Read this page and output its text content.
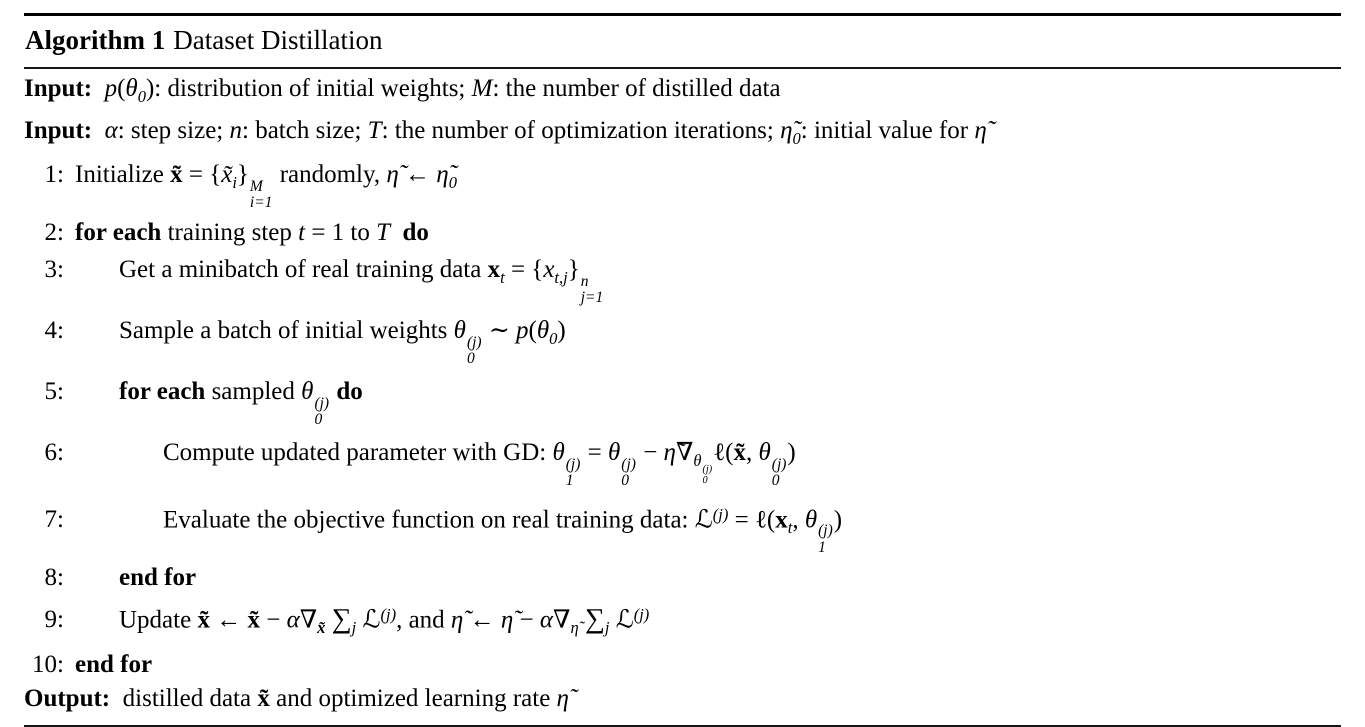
Algorithm 1 Dataset Distillation
Input: $p(\theta_0)$: distribution of initial weights; M: the number of distilled data
Input: α: step size; n: batch size; T: the number of optimization iterations; $\etã_0$: initial value for η̃
1: Initialize x̃ = $\{x̃_i\}$ M
i=1
randomly, η̃ ← $\etã_0$
2: for each training step t = 1 to T do
3:	Get a minibatch of real training data $x_t = \{x_{t,j}\}$ n
j=1
4:	Sample a batch of initial weights θ (j)
0
∼ $p(\theta_0)$
5:	for each sampled θ (j)
0
do
6:	Compute updated parameter with GD: θ (j)
1
= θ (j)
0
− $\etã\nabla_{\theta (j) 0}$
ℓ(x̃, θ (j)
0
)
7:	Evaluate the objective function on real training data: ℒ$^{(j)}$ = $\ell(x_t$, θ (j)
1
)
8:	end for
9:	Update x̃ ← x̃ − $\alpha\nabla_{x̃}$ $\sum_j$ ℒ$^{(j)}$, and η̃ ← η̃ − $\alpha\nabla_{\etã}$ $\sum_j$ ℒ$^{(j)}$
10: end for
Output: distilled data x̃ and optimized learning rate η̃
